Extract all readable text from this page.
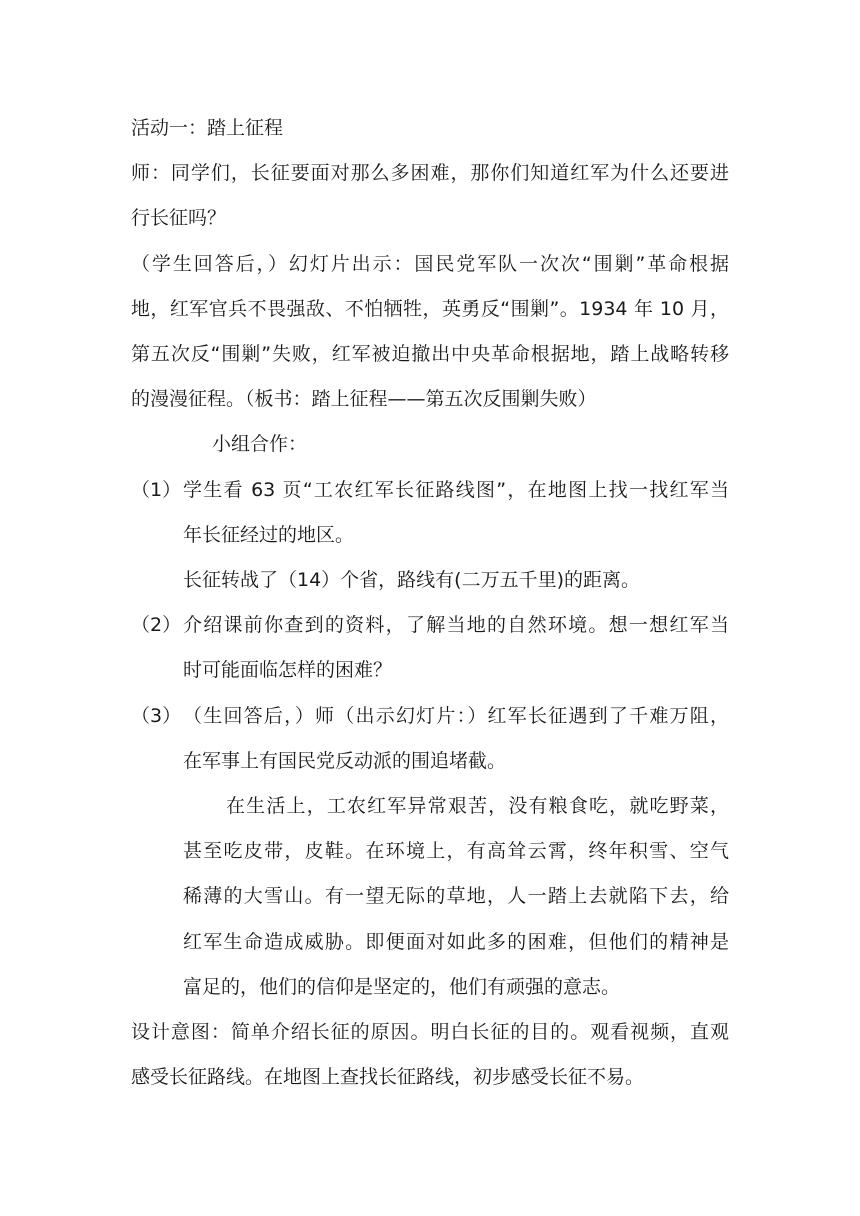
活动一：踏上征程
师：同学们，长征要面对那么多困难，那你们知道红军为什么还要进
行长征吗？
（学生回答后，）幻灯片出示：国民党军队一次次“围剿”革命根据
地，红军官兵不畏强敌、不怕牺牲，英勇反“围剿”。1934 年 10 月，
第五次反“围剿”失败，红军被迫撤出中央革命根据地，踏上战略转移
的漫漫征程。（板书：踏上征程——第五次反围剿失败）
小组合作：
（1） 学生看 63 页“工农红军长征路线图”，在地图上找一找红军当
年长征经过的地区。
长征转战了（14）个省，路线有(二万五千里)的距离。
（2） 介绍课前你查到的资料，了解当地的自然环境。想一想红军当
时可能面临怎样的困难？
（3） （生回答后，）师（出示幻灯片：）红军长征遇到了千难万阻，
在军事上有国民党反动派的围追堵截。
在生活上，工农红军异常艰苦，没有粮食吃，就吃野菜，
甚至吃皮带，皮鞋。在环境上，有高耸云霄，终年积雪、空气
稀薄的大雪山。有一望无际的草地，人一踏上去就陷下去，给
红军生命造成威胁。即便面对如此多的困难，但他们的精神是
富足的，他们的信仰是坚定的，他们有顽强的意志。
设计意图：简单介绍长征的原因。明白长征的目的。观看视频，直观
感受长征路线。在地图上查找长征路线，初步感受长征不易。
